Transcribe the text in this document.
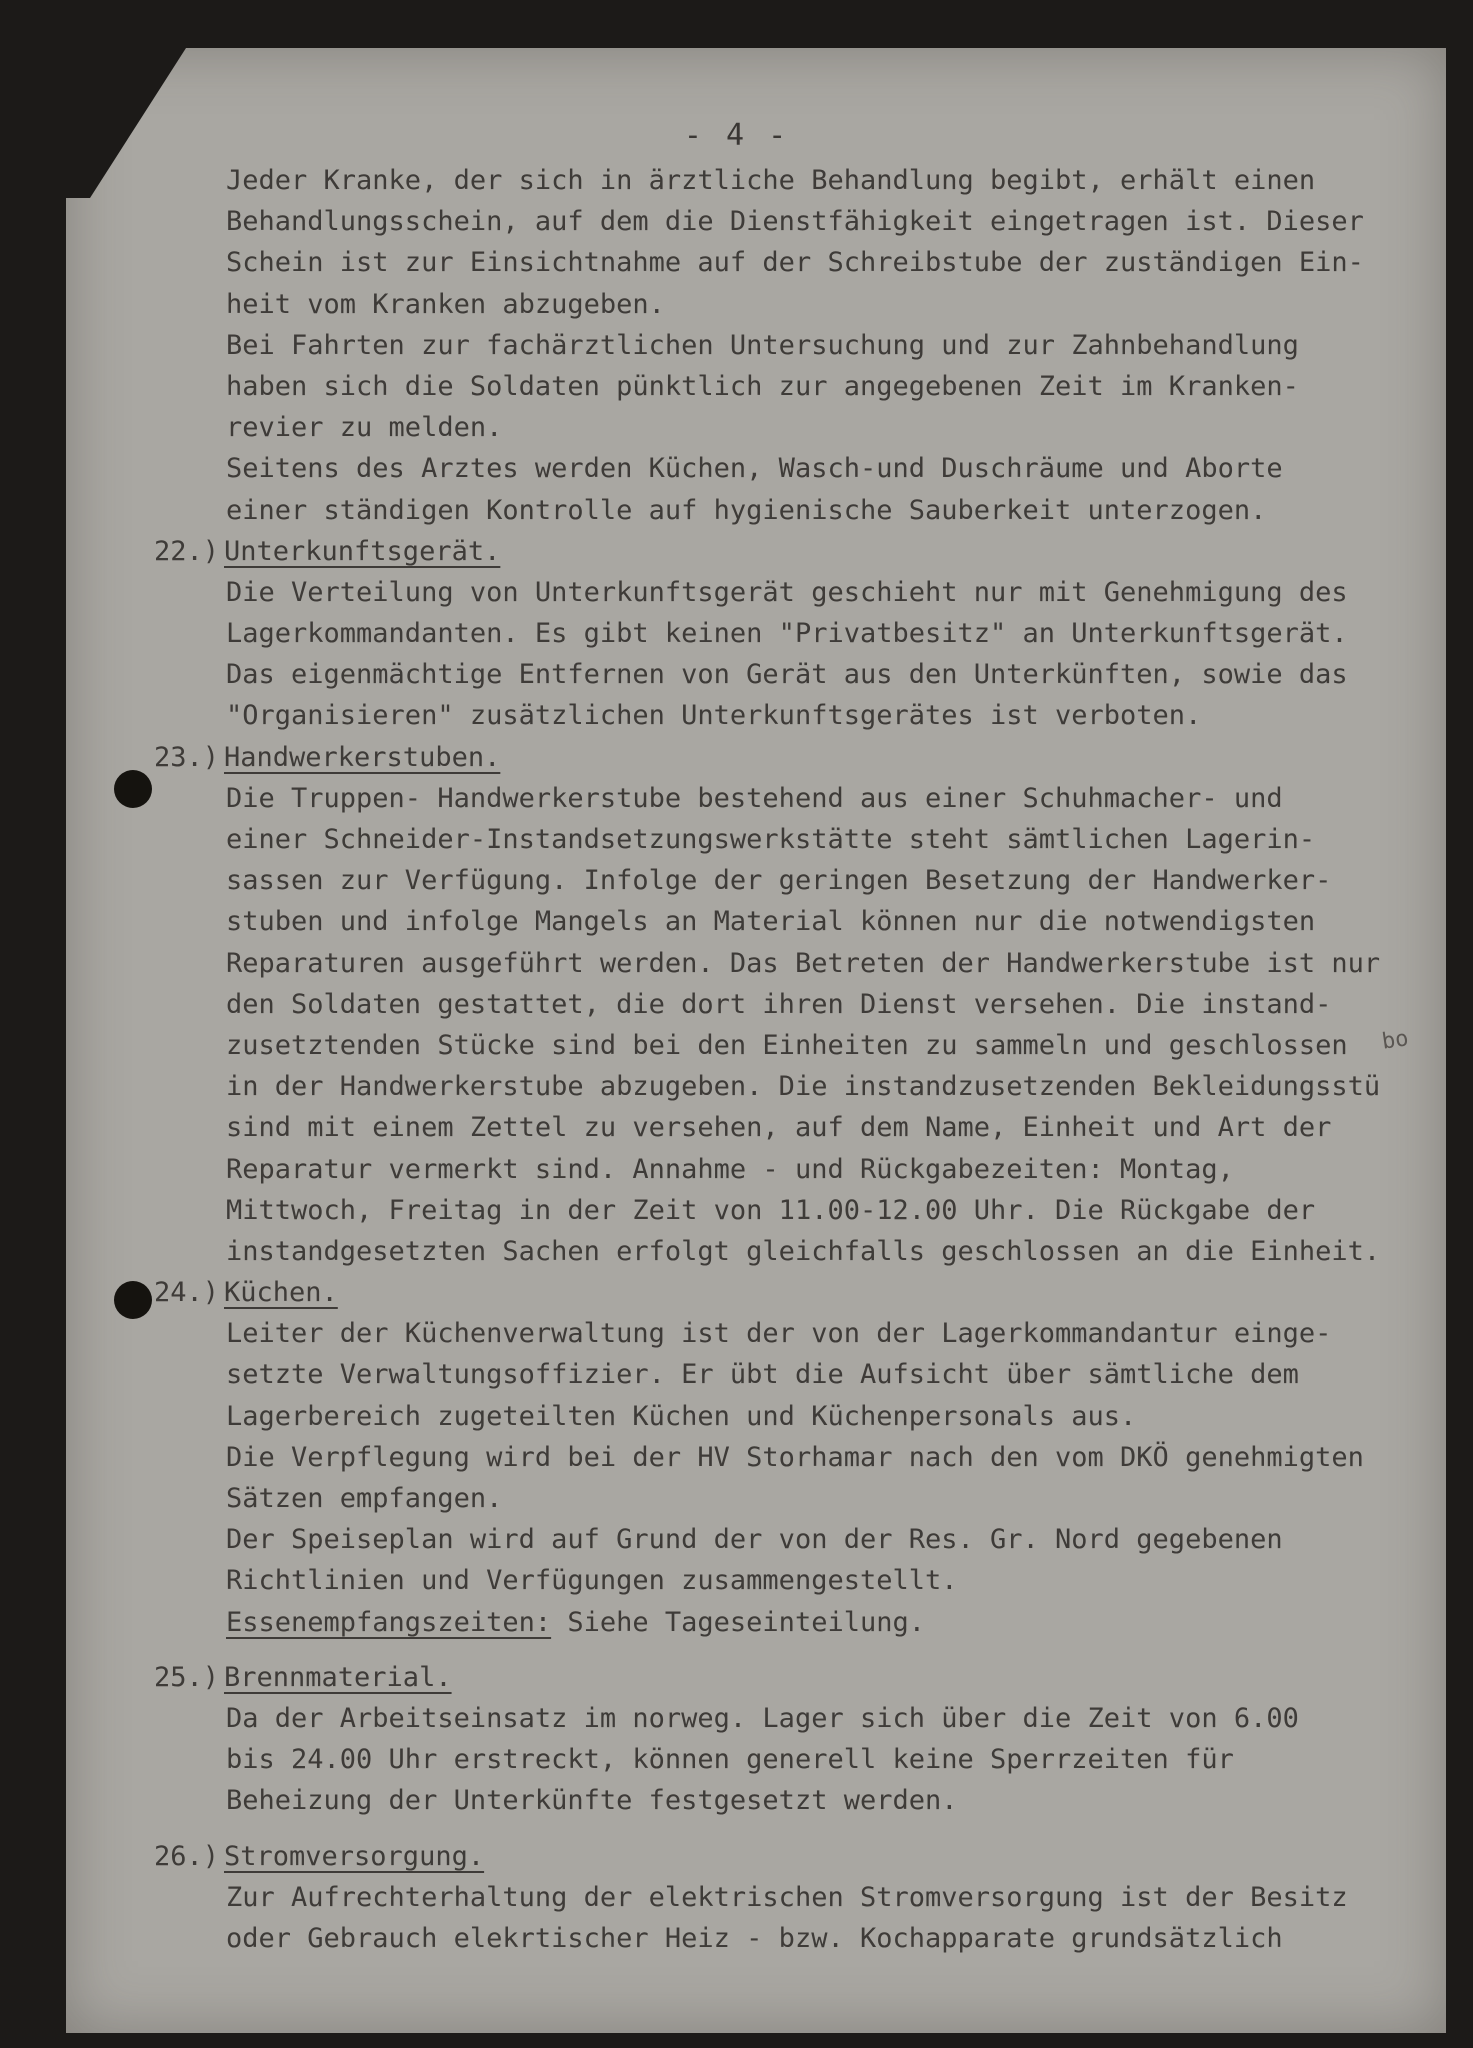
- 4 -
bo
Jeder Kranke, der sich in ärztliche Behandlung begibt, erhält einen
Behandlungsschein, auf dem die Dienstfähigkeit eingetragen ist. Dieser
Schein ist zur Einsichtnahme auf der Schreibstube der zuständigen Ein-
heit vom Kranken abzugeben.
Bei Fahrten zur fachärztlichen Untersuchung und zur Zahnbehandlung
haben sich die Soldaten pünktlich zur angegebenen Zeit im Kranken-
revier zu melden.
Seitens des Arztes werden Küchen, Wasch-und Duschräume und Aborte
einer ständigen Kontrolle auf hygienische Sauberkeit unterzogen.
22.) Unterkunftsgerät.
Die Verteilung von Unterkunftsgerät geschieht nur mit Genehmigung des
Lagerkommandanten. Es gibt keinen "Privatbesitz" an Unterkunftsgerät.
Das eigenmächtige Entfernen von Gerät aus den Unterkünften, sowie das
"Organisieren" zusätzlichen Unterkunftsgerätes ist verboten.
23.) Handwerkerstuben.
Die Truppen- Handwerkerstube bestehend aus einer Schuhmacher- und
einer Schneider-Instandsetzungswerkstätte steht sämtlichen Lagerin-
sassen zur Verfügung. Infolge der geringen Besetzung der Handwerker-
stuben und infolge Mangels an Material können nur die notwendigsten
Reparaturen ausgeführt werden. Das Betreten der Handwerkerstube ist nur
den Soldaten gestattet, die dort ihren Dienst versehen. Die instand-
zusetztenden Stücke sind bei den Einheiten zu sammeln und geschlossen
in der Handwerkerstube abzugeben. Die instandzusetzenden Bekleidungsstü
sind mit einem Zettel zu versehen, auf dem Name, Einheit und Art der
Reparatur vermerkt sind. Annahme - und Rückgabezeiten: Montag,
Mittwoch, Freitag in der Zeit von 11.00-12.00 Uhr. Die Rückgabe der
instandgesetzten Sachen erfolgt gleichfalls geschlossen an die Einheit.
24.) Küchen.
Leiter der Küchenverwaltung ist der von der Lagerkommandantur einge-
setzte Verwaltungsoffizier. Er übt die Aufsicht über sämtliche dem
Lagerbereich zugeteilten Küchen und Küchenpersonals aus.
Die Verpflegung wird bei der HV Storhamar nach den vom DKÖ genehmigten
Sätzen empfangen.
Der Speiseplan wird auf Grund der von der Res. Gr. Nord gegebenen
Richtlinien und Verfügungen zusammengestellt.
Essenempfangszeiten: Siehe Tageseinteilung.
25.) Brennmaterial.
Da der Arbeitseinsatz im norweg. Lager sich über die Zeit von 6.00
bis 24.00 Uhr erstreckt, können generell keine Sperrzeiten für
Beheizung der Unterkünfte festgesetzt werden.
26.) Stromversorgung.
Zur Aufrechterhaltung der elektrischen Stromversorgung ist der Besitz
oder Gebrauch elekrtischer Heiz - bzw. Kochapparate grundsätzlich
